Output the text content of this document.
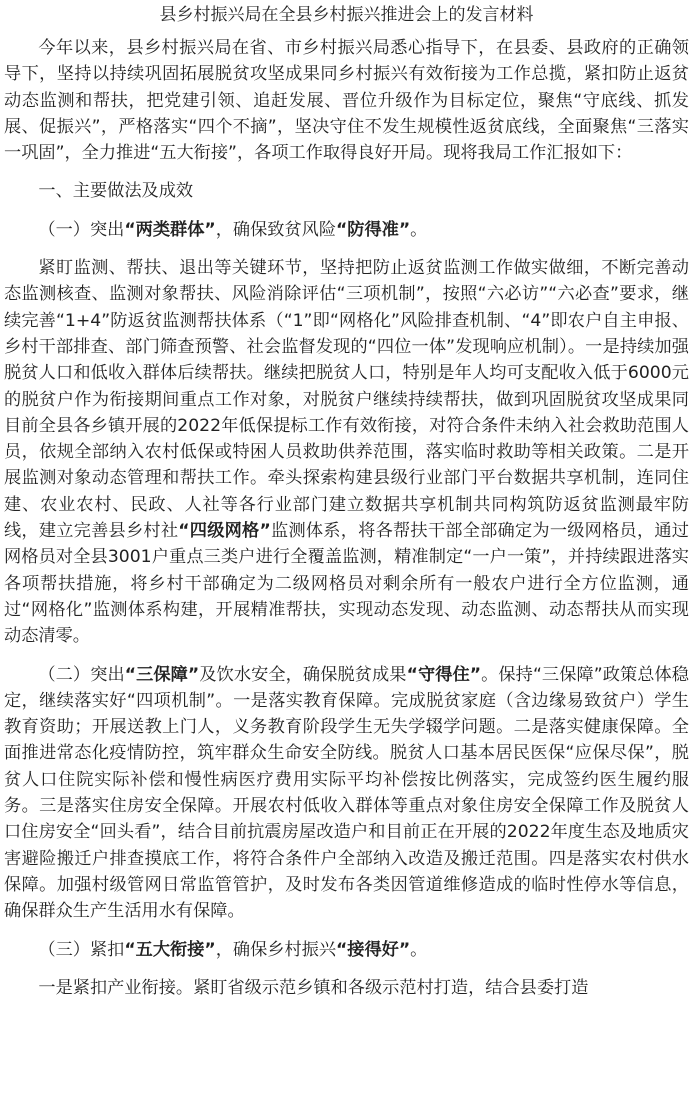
县乡村振兴局在全县乡村振兴推进会上的发言材料

今年以来，县乡村振兴局在省、市乡村振兴局悉心指导下，在县委、县政府的正确领导下，坚持以持续巩固拓展脱贫攻坚成果同乡村振兴有效衔接为工作总揽，紧扣防止返贫动态监测和帮扶，把党建引领、追赶发展、晋位升级作为目标定位，聚焦“守底线、抓发展、促振兴”，严格落实“四个不摘”，坚决守住不发生规模性返贫底线，全面聚焦“三落实一巩固”，全力推进“五大衔接”，各项工作取得良好开局。现将我局工作汇报如下：

一、主要做法及成效

（一）突出“两类群体”，确保致贫风险“防得准”。

紧盯监测、帮扶、退出等关键环节，坚持把防止返贫监测工作做实做细，不断完善动态监测核查、监测对象帮扶、风险消除评估“三项机制”，按照“六必访”“六必查”要求，继续完善“1+4”防返贫监测帮扶体系（“1”即“网格化”风险排查机制、“4”即农户自主申报、乡村干部排查、部门筛查预警、社会监督发现的“四位一体”发现响应机制）。一是持续加强脱贫人口和低收入群体后续帮扶。继续把脱贫人口，特别是年人均可支配收入低于6000元的脱贫户作为衔接期间重点工作对象，对脱贫户继续持续帮扶，做到巩固脱贫攻坚成果同目前全县各乡镇开展的2022年低保提标工作有效衔接，对符合条件未纳入社会救助范围人员，依规全部纳入农村低保或特困人员救助供养范围，落实临时救助等相关政策。二是开展监测对象动态管理和帮扶工作。牵头探索构建县级行业部门平台数据共享机制，连同住建、农业农村、民政、人社等各行业部门建立数据共享机制共同构筑防返贫监测最牢防线，建立完善县乡村社“四级网格”监测体系，将各帮扶干部全部确定为一级网格员，通过网格员对全县3001户重点三类户进行全覆盖监测，精准制定“一户一策”，并持续跟进落实各项帮扶措施，将乡村干部确定为二级网格员对剩余所有一般农户进行全方位监测，通过“网格化”监测体系构建，开展精准帮扶，实现动态发现、动态监测、动态帮扶从而实现动态清零。

（二）突出“三保障”及饮水安全，确保脱贫成果“守得住”。保持“三保障”政策总体稳定，继续落实好“四项机制”。一是落实教育保障。完成脱贫家庭（含边缘易致贫户）学生教育资助；开展送教上门人，义务教育阶段学生无失学辍学问题。二是落实健康保障。全面推进常态化疫情防控，筑牢群众生命安全防线。脱贫人口基本居民医保“应保尽保”，脱贫人口住院实际补偿和慢性病医疗费用实际平均补偿按比例落实，完成签约医生履约服务。三是落实住房安全保障。开展农村低收入群体等重点对象住房安全保障工作及脱贫人口住房安全“回头看”，结合目前抗震房屋改造户和目前正在开展的2022年度生态及地质灾害避险搬迁户排查摸底工作，将符合条件户全部纳入改造及搬迁范围。四是落实农村供水保障。加强村级管网日常监管管护，及时发布各类因管道维修造成的临时性停水等信息，确保群众生产生活用水有保障。

（三）紧扣“五大衔接”，确保乡村振兴“接得好”。

一是紧扣产业衔接。紧盯省级示范乡镇和各级示范村打造，结合县委打造
